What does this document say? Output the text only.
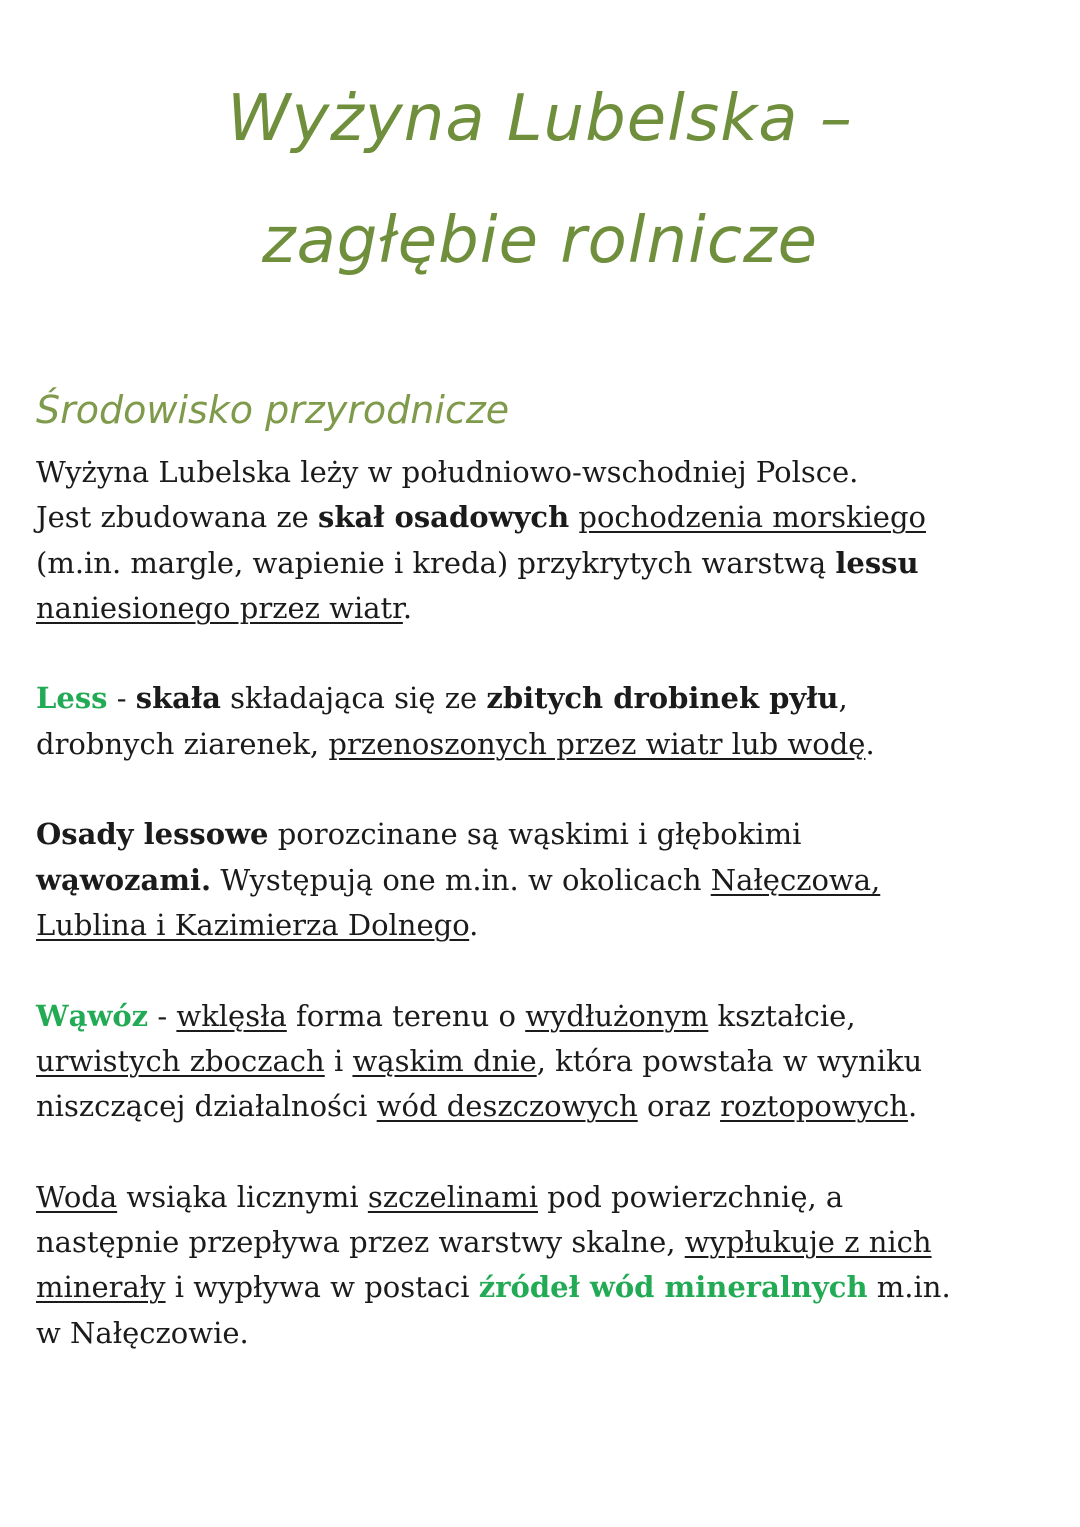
Wyżyna Lubelska –
zagłębie rolnicze
Środowisko przyrodnicze

Wyżyna Lubelska leży w południowo-wschodniej Polsce.
Jest zbudowana ze skał osadowych pochodzenia morskiego
(m.in. margle, wapienie i kreda) przykrytych warstwą lessu
naniesionego przez wiatr.

Less - skała składająca się ze zbitych drobinek pyłu,
drobnych ziarenek, przenoszonych przez wiatr lub wodę.

Osady lessowe porozcinane są wąskimi i głębokimi
wąwozami. Występują one m.in. w okolicach Nałęczowa,
Lublina i Kazimierza Dolnego.

Wąwóz - wklęsła forma terenu o wydłużonym kształcie,
urwistych zboczach i wąskim dnie, która powstała w wyniku
niszczącej działalności wód deszczowych oraz roztopowych.

Woda wsiąka licznymi szczelinami pod powierzchnię, a
następnie przepływa przez warstwy skalne, wypłukuje z nich
minerały i wypływa w postaci źródeł wód mineralnych m.in.
w Nałęczowie.
